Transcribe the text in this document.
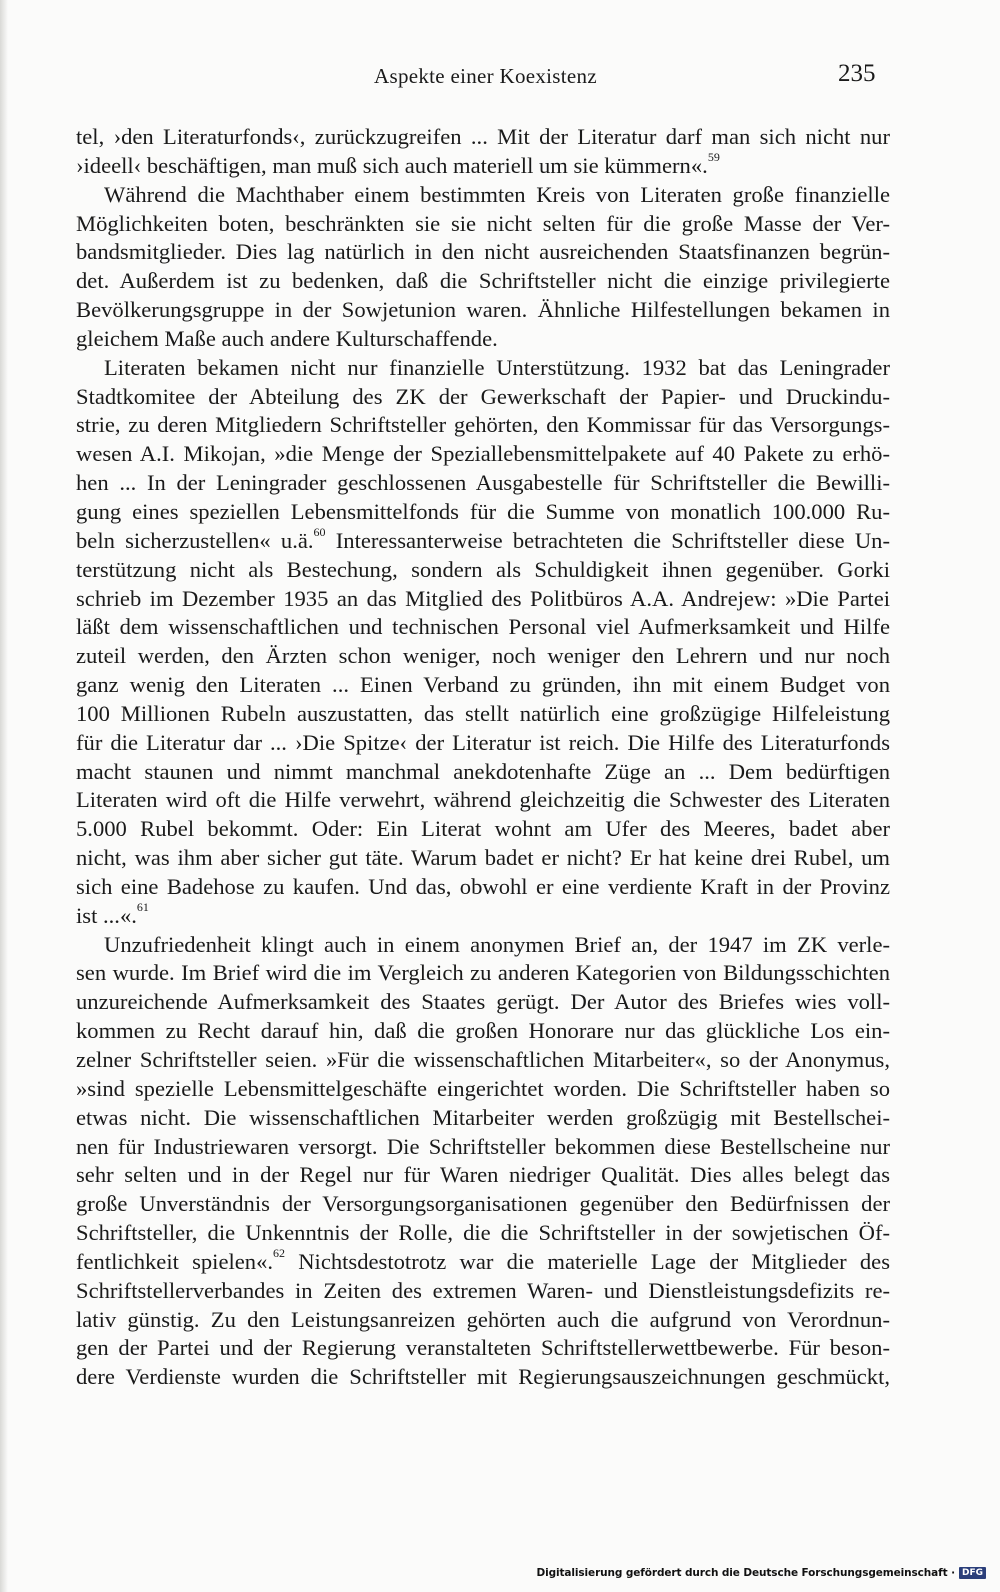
Aspekte einer Koexistenz	235
tel, ›den Literaturfonds‹, zurückzugreifen ... Mit der Literatur darf man sich nicht nur
›ideell‹ beschäftigen, man muß sich auch materiell um sie kümmern«.$^{59}$
Während die Machthaber einem bestimmten Kreis von Literaten große finanzielle
Möglichkeiten boten, beschränkten sie sie nicht selten für die große Masse der Ver-
bandsmitglieder. Dies lag natürlich in den nicht ausreichenden Staatsfinanzen begrün-
det. Außerdem ist zu bedenken, daß die Schriftsteller nicht die einzige privilegierte
Bevölkerungsgruppe in der Sowjetunion waren. Ähnliche Hilfestellungen bekamen in
gleichem Maße auch andere Kulturschaffende.
Literaten bekamen nicht nur finanzielle Unterstützung. 1932 bat das Leningrader
Stadtkomitee der Abteilung des ZK der Gewerkschaft der Papier- und Druckindu-
strie, zu deren Mitgliedern Schriftsteller gehörten, den Kommissar für das Versorgungs-
wesen A.I. Mikojan, »die Menge der Speziallebensmittelpakete auf 40 Pakete zu erhö-
hen ... In der Leningrader geschlossenen Ausgabestelle für Schriftsteller die Bewilli-
gung eines speziellen Lebensmittelfonds für die Summe von monatlich 100.000 Ru-
beln sicherzustellen« u.ä.$^{60}$ Interessanterweise betrachteten die Schriftsteller diese Un-
terstützung nicht als Bestechung, sondern als Schuldigkeit ihnen gegenüber. Gorki
schrieb im Dezember 1935 an das Mitglied des Politbüros A.A. Andrejew: »Die Partei
läßt dem wissenschaftlichen und technischen Personal viel Aufmerksamkeit und Hilfe
zuteil werden, den Ärzten schon weniger, noch weniger den Lehrern und nur noch
ganz wenig den Literaten ... Einen Verband zu gründen, ihn mit einem Budget von
100 Millionen Rubeln auszustatten, das stellt natürlich eine großzügige Hilfeleistung
für die Literatur dar ... ›Die Spitze‹ der Literatur ist reich. Die Hilfe des Literaturfonds
macht staunen und nimmt manchmal anekdotenhafte Züge an ... Dem bedürftigen
Literaten wird oft die Hilfe verwehrt, während gleichzeitig die Schwester des Literaten
5.000 Rubel bekommt. Oder: Ein Literat wohnt am Ufer des Meeres, badet aber
nicht, was ihm aber sicher gut täte. Warum badet er nicht? Er hat keine drei Rubel, um
sich eine Badehose zu kaufen. Und das, obwohl er eine verdiente Kraft in der Provinz
ist ...«.$^{61}$
Unzufriedenheit klingt auch in einem anonymen Brief an, der 1947 im ZK verle-
sen wurde. Im Brief wird die im Vergleich zu anderen Kategorien von Bildungsschichten
unzureichende Aufmerksamkeit des Staates gerügt. Der Autor des Briefes wies voll-
kommen zu Recht darauf hin, daß die großen Honorare nur das glückliche Los ein-
zelner Schriftsteller seien. »Für die wissenschaftlichen Mitarbeiter«, so der Anonymus,
»sind spezielle Lebensmittelgeschäfte eingerichtet worden. Die Schriftsteller haben so
etwas nicht. Die wissenschaftlichen Mitarbeiter werden großzügig mit Bestellschei-
nen für Industriewaren versorgt. Die Schriftsteller bekommen diese Bestellscheine nur
sehr selten und in der Regel nur für Waren niedriger Qualität. Dies alles belegt das
große Unverständnis der Versorgungsorganisationen gegenüber den Bedürfnissen der
Schriftsteller, die Unkenntnis der Rolle, die die Schriftsteller in der sowjetischen Öf-
fentlichkeit spielen«.$^{62}$ Nichtsdestotrotz war die materielle Lage der Mitglieder des
Schriftstellerverbandes in Zeiten des extremen Waren- und Dienstleistungsdefizits re-
lativ günstig. Zu den Leistungsanreizen gehörten auch die aufgrund von Verordnun-
gen der Partei und der Regierung veranstalteten Schriftstellerwettbewerbe. Für beson-
dere Verdienste wurden die Schriftsteller mit Regierungsauszeichnungen geschmückt,
Digitalisierung gefördert durch die Deutsche Forschungsgemeinschaft · DFG
